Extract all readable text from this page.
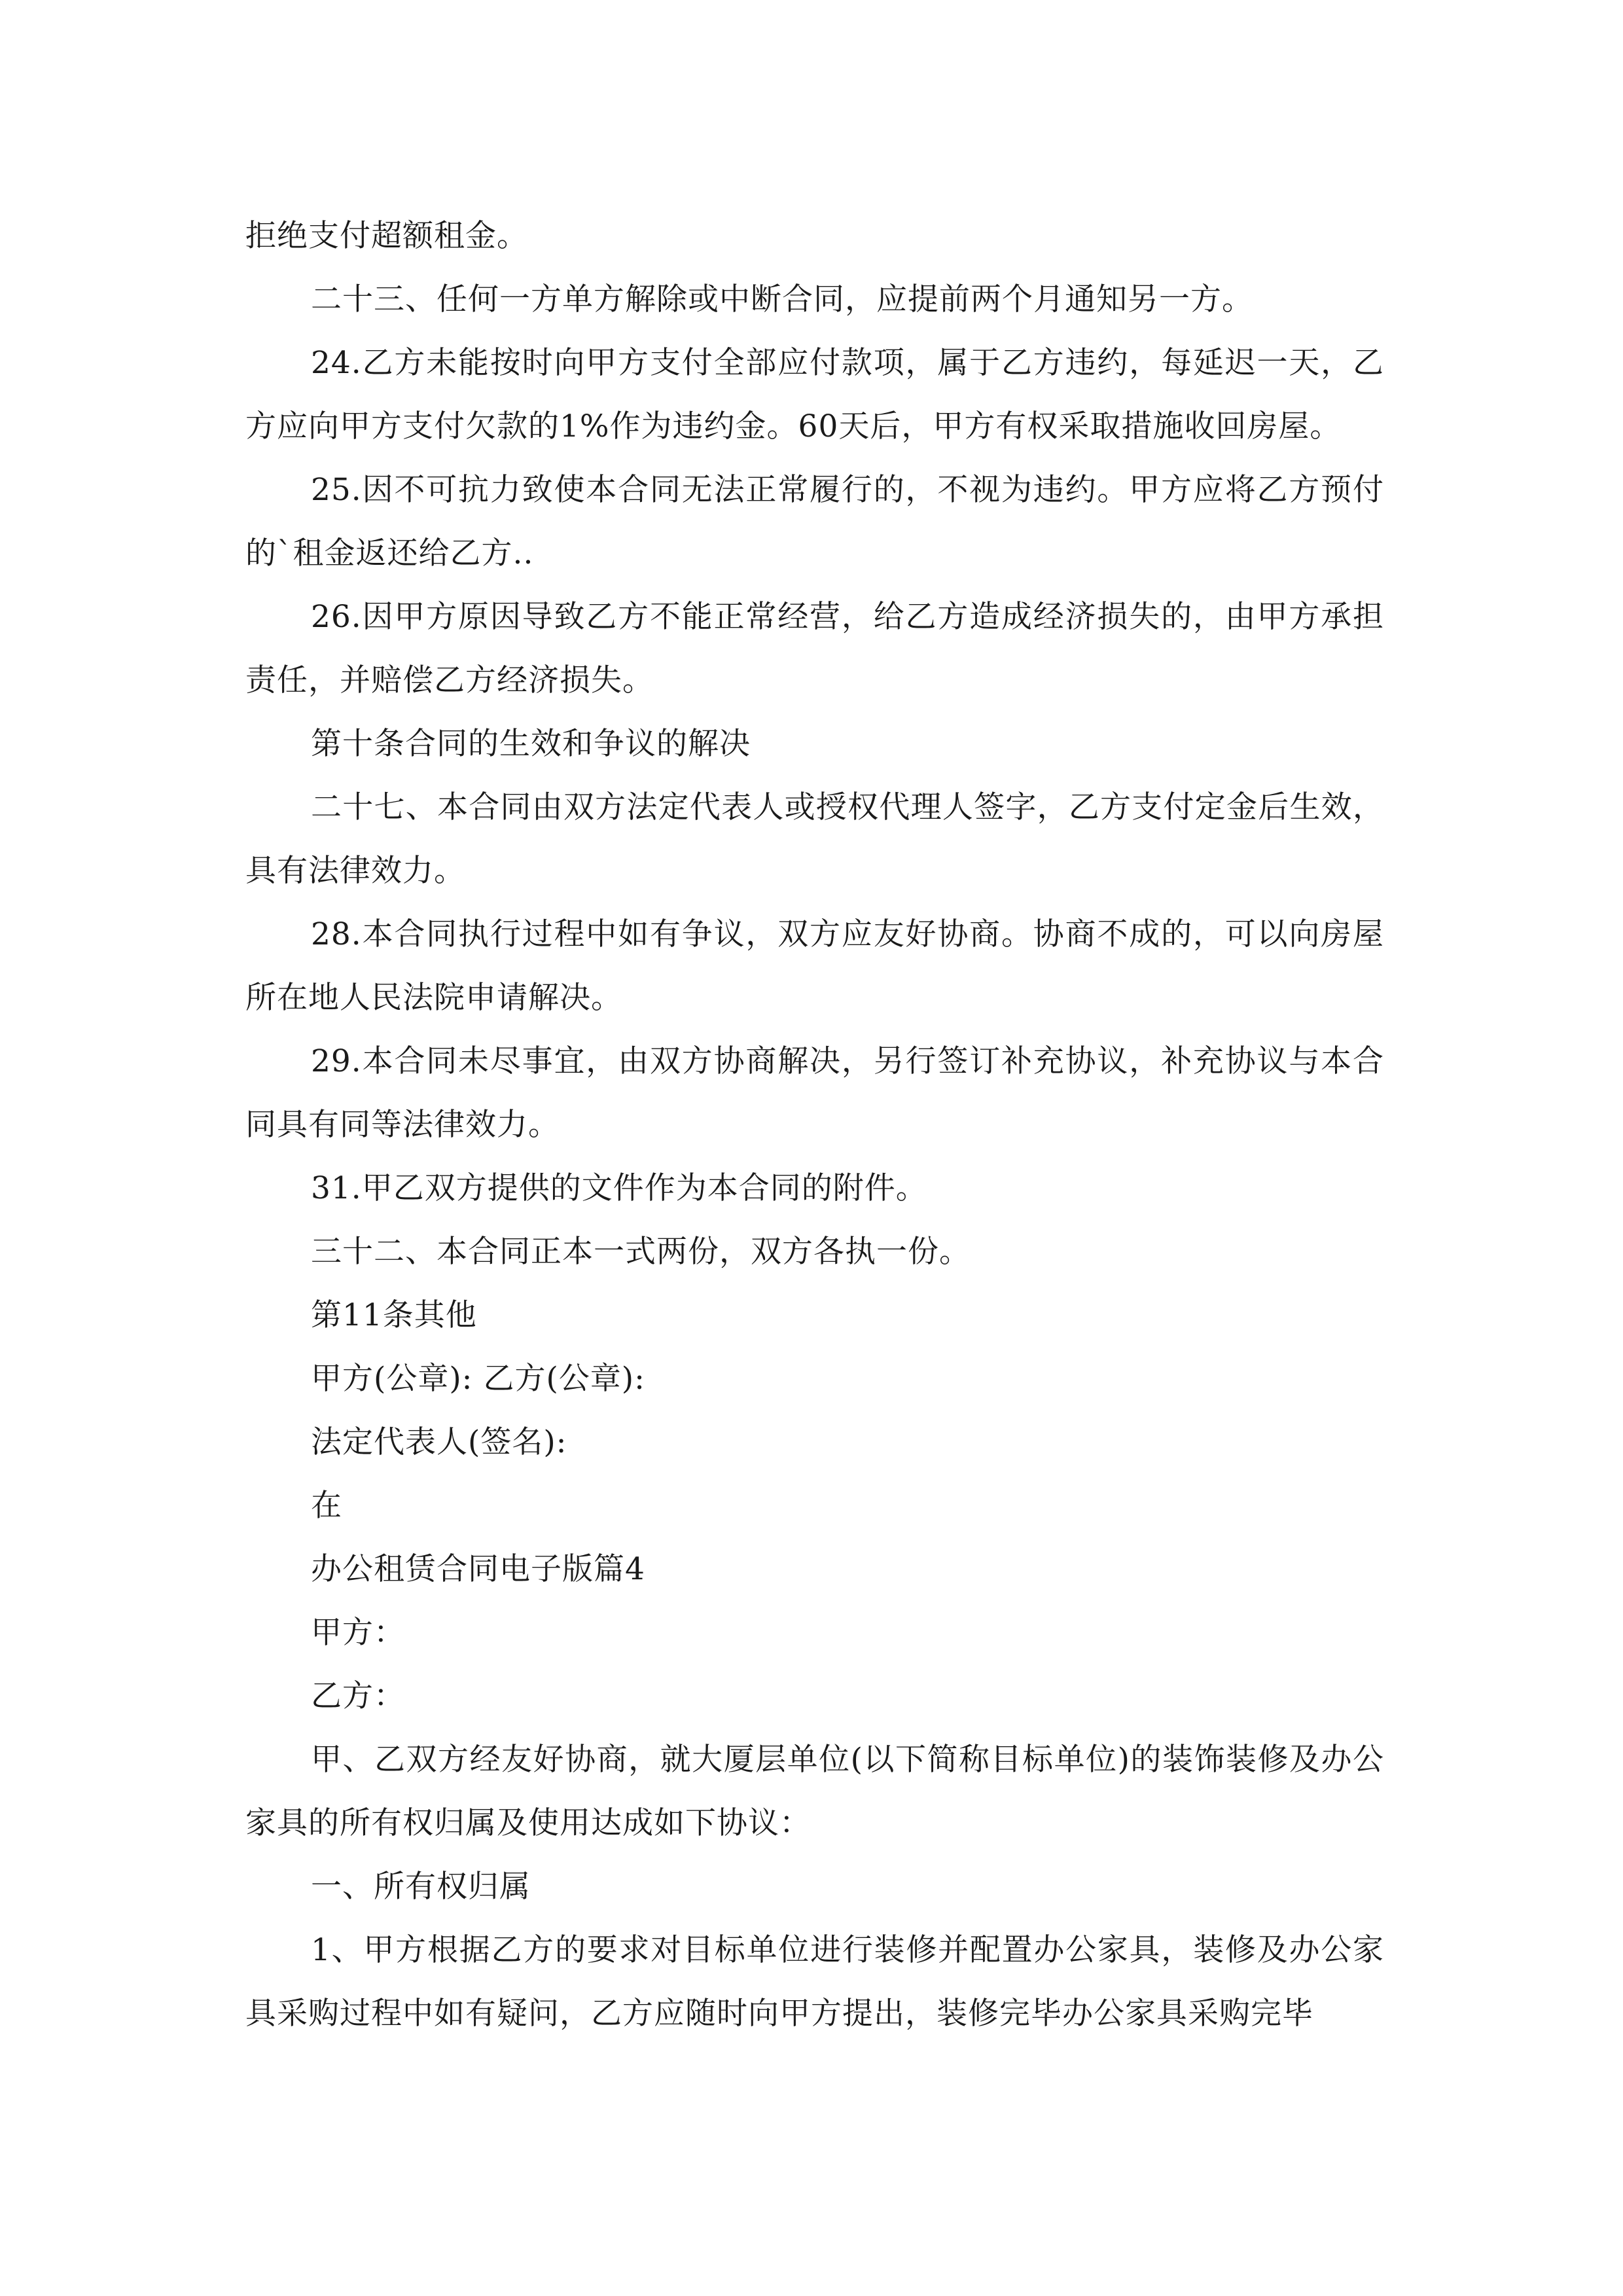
拒绝支付超额租金。

二十三、任何一方单方解除或中断合同，应提前两个月通知另一方。

24.乙方未能按时向甲方支付全部应付款项，属于乙方违约，每延迟一天，乙方应向甲方支付欠款的1%作为违约金。60天后，甲方有权采取措施收回房屋。

25.因不可抗力致使本合同无法正常履行的，不视为违约。甲方应将乙方预付的`租金返还给乙方..

26.因甲方原因导致乙方不能正常经营，给乙方造成经济损失的，由甲方承担责任，并赔偿乙方经济损失。

第十条合同的生效和争议的解决

二十七、本合同由双方法定代表人或授权代理人签字，乙方支付定金后生效，具有法律效力。

28.本合同执行过程中如有争议，双方应友好协商。协商不成的，可以向房屋所在地人民法院申请解决。

29.本合同未尽事宜，由双方协商解决，另行签订补充协议，补充协议与本合同具有同等法律效力。

31.甲乙双方提供的文件作为本合同的附件。

三十二、本合同正本一式两份，双方各执一份。

第11条其他

甲方(公章): 乙方(公章):

法定代表人(签名):

在

办公租赁合同电子版篇4

甲方：

乙方：

甲、乙双方经友好协商，就大厦层单位(以下简称目标单位)的装饰装修及办公家具的所有权归属及使用达成如下协议：

一、所有权归属

1、甲方根据乙方的要求对目标单位进行装修并配置办公家具，装修及办公家具采购过程中如有疑问，乙方应随时向甲方提出，装修完毕办公家具采购完毕
